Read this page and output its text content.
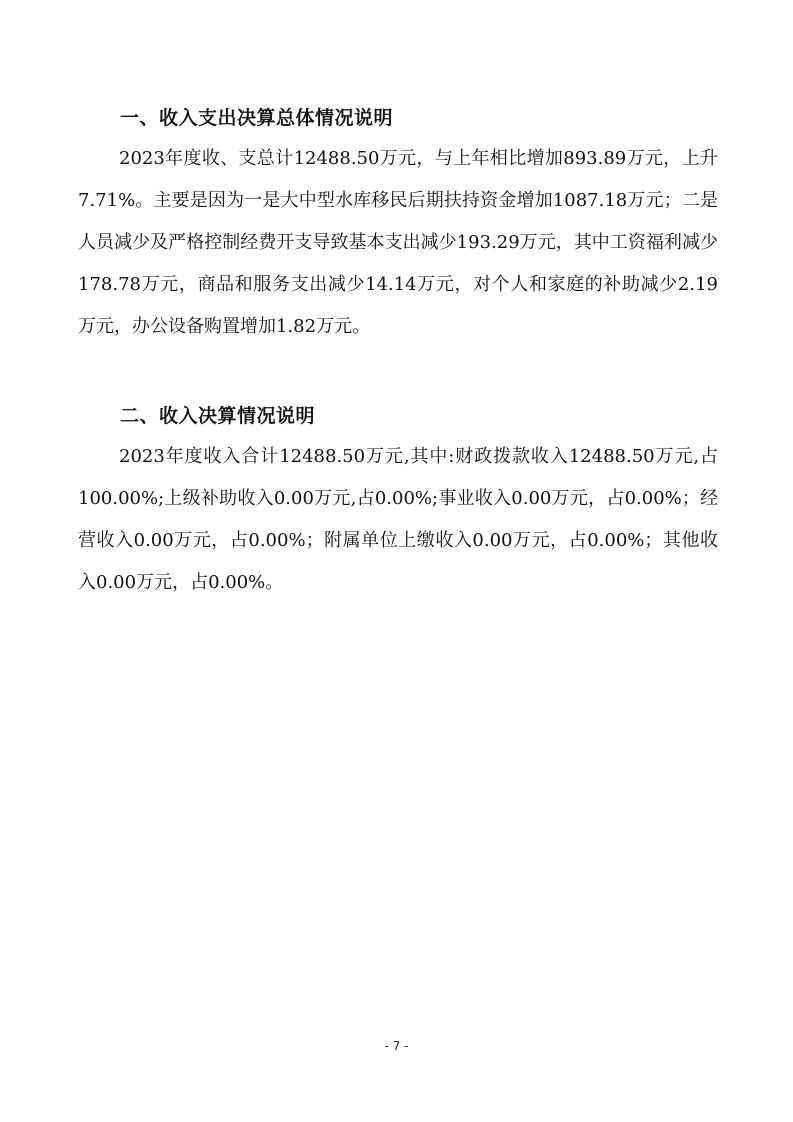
一、收入支出决算总体情况说明

2023年度收、支总计12488.50万元，与上年相比增加893.89万元，上升7.71%。主要是因为一是大中型水库移民后期扶持资金增加1087.18万元；二是人员减少及严格控制经费开支导致基本支出减少193.29万元，其中工资福利减少178.78万元，商品和服务支出减少14.14万元，对个人和家庭的补助减少2.19万元，办公设备购置增加1.82万元。

二、收入决算情况说明

2023年度收入合计12488.50万元,其中:财政拨款收入12488.50万元,占100.00%;上级补助收入0.00万元,占0.00%;事业收入0.00万元，占0.00%；经营收入0.00万元，占0.00%；附属单位上缴收入0.00万元，占0.00%；其他收入0.00万元，占0.00%。

- 7 -
